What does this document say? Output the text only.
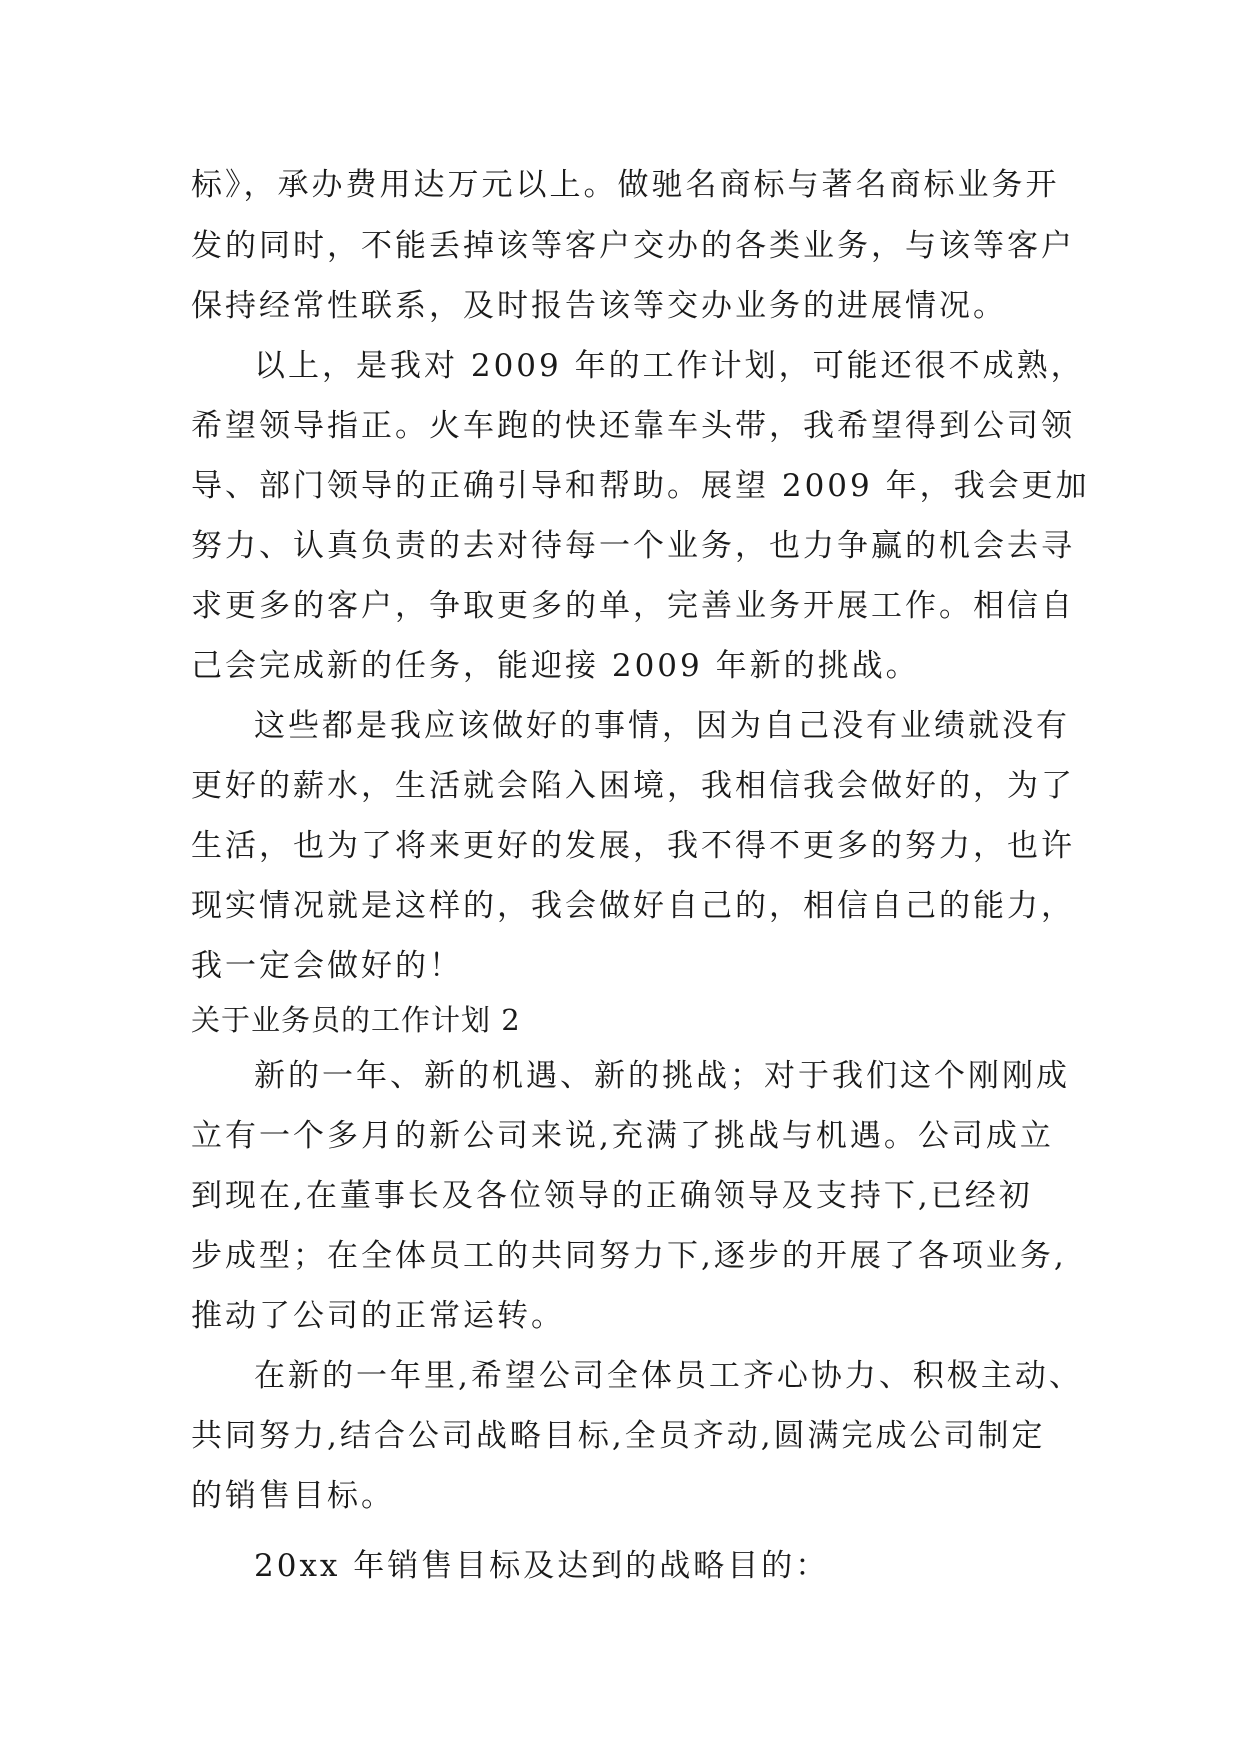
标》，承办费用达万元以上。做驰名商标与著名商标业务开
发的同时，不能丢掉该等客户交办的各类业务，与该等客户
保持经常性联系，及时报告该等交办业务的进展情况。
以上，是我对 2009 年的工作计划，可能还很不成熟，
希望领导指正。火车跑的快还靠车头带，我希望得到公司领
导、部门领导的正确引导和帮助。展望 2009 年，我会更加
努力、认真负责的去对待每一个业务，也力争赢的机会去寻
求更多的客户，争取更多的单，完善业务开展工作。相信自
己会完成新的任务，能迎接 2009 年新的挑战。
这些都是我应该做好的事情，因为自己没有业绩就没有
更好的薪水，生活就会陷入困境，我相信我会做好的，为了
生活，也为了将来更好的发展，我不得不更多的努力，也许
现实情况就是这样的，我会做好自己的，相信自己的能力，
我一定会做好的！
关于业务员的工作计划 2
新的一年、新的机遇、新的挑战；对于我们这个刚刚成
立有一个多月的新公司来说,充满了挑战与机遇。公司成立
到现在,在董事长及各位领导的正确领导及支持下,已经初
步成型；在全体员工的共同努力下,逐步的开展了各项业务,
推动了公司的正常运转。
在新的一年里,希望公司全体员工齐心协力、积极主动、
共同努力,结合公司战略目标,全员齐动,圆满完成公司制定
的销售目标。
20xx 年销售目标及达到的战略目的：
